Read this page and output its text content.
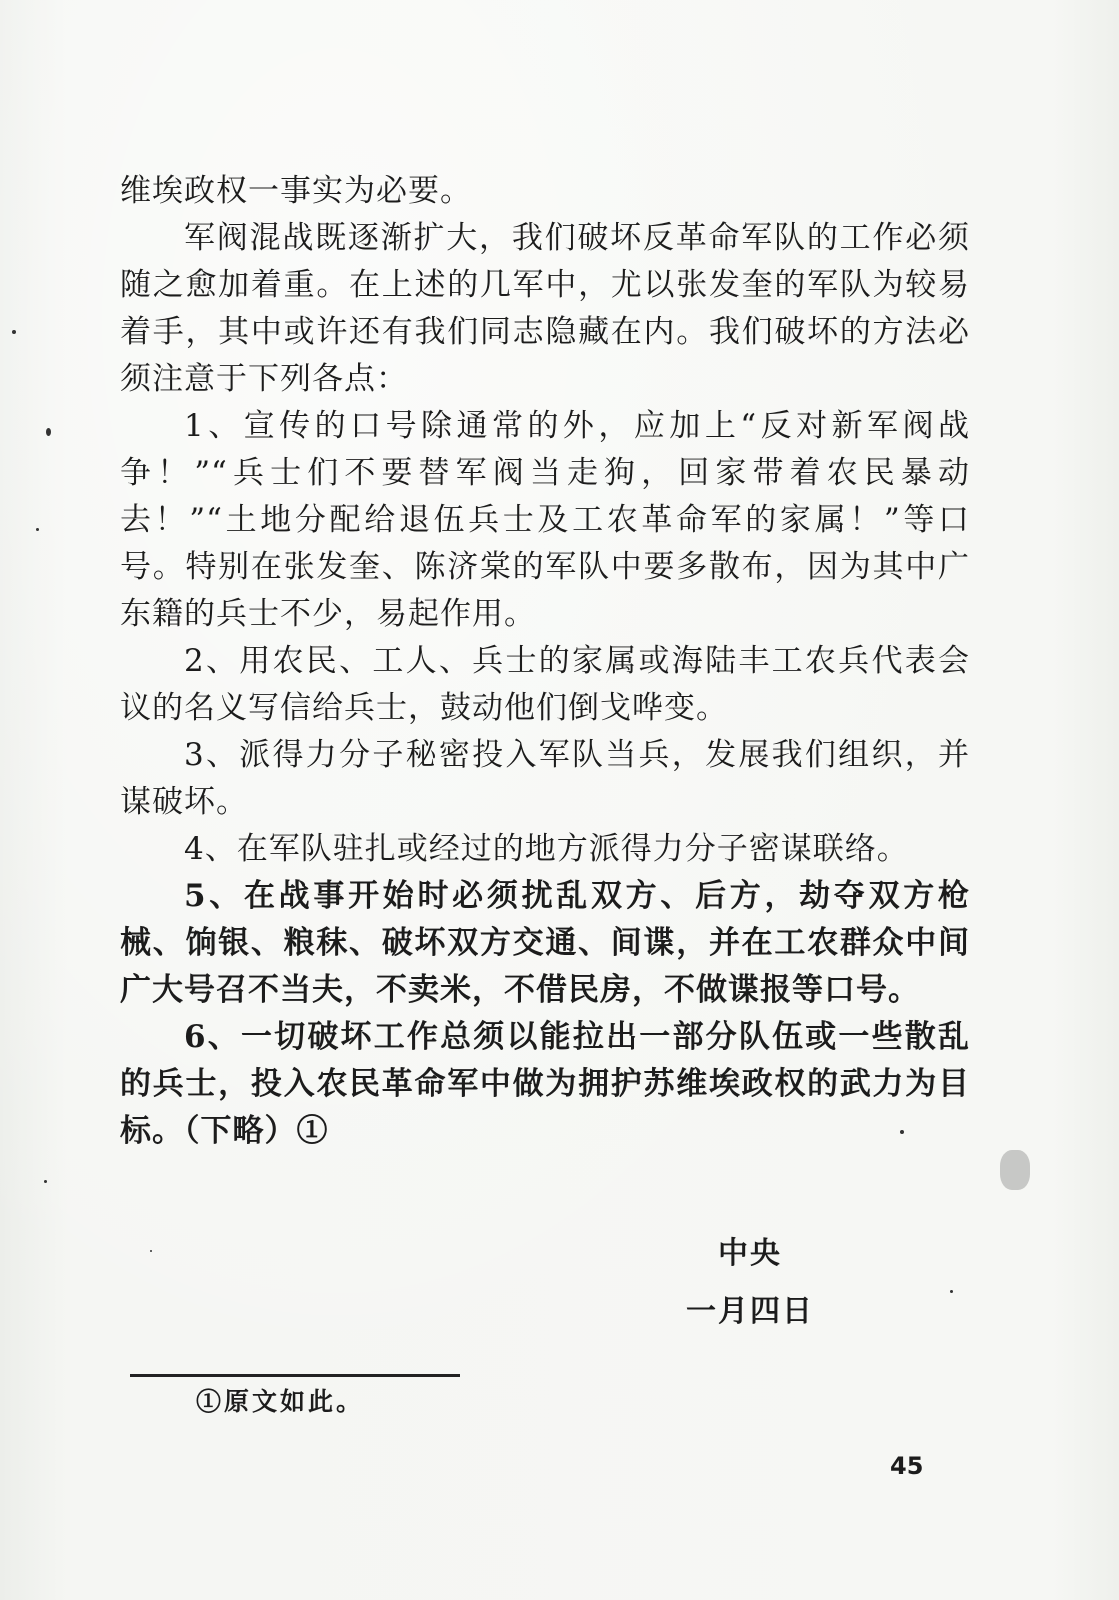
维埃政权一事实为必要。

军阀混战既逐渐扩大，我们破坏反革命军队的工作必须随之愈加着重。在上述的几军中，尤以张发奎的军队为较易着手，其中或许还有我们同志隐藏在内。我们破坏的方法必须注意于下列各点：

1、宣传的口号除通常的外，应加上“反对新军阀战争！”“兵士们不要替军阀当走狗，回家带着农民暴动去！”“土地分配给退伍兵士及工农革命军的家属！”等口号。特别在张发奎、陈济棠的军队中要多散布，因为其中广东籍的兵士不少，易起作用。

2、用农民、工人、兵士的家属或海陆丰工农兵代表会议的名义写信给兵士，鼓动他们倒戈哗变。

3、派得力分子秘密投入军队当兵，发展我们组织，并谋破坏。

4、在军队驻扎或经过的地方派得力分子密谋联络。

5、在战事开始时必须扰乱双方、后方，劫夺双方枪械、饷银、粮秣、破坏双方交通、间谍，并在工农群众中间广大号召不当夫，不卖米，不借民房，不做谍报等口号。

6、一切破坏工作总须以能拉出一部分队伍或一些散乱的兵士，投入农民革命军中做为拥护苏维埃政权的武力为目标。（下略）①

中央
一月四日
①原文如此。
45
